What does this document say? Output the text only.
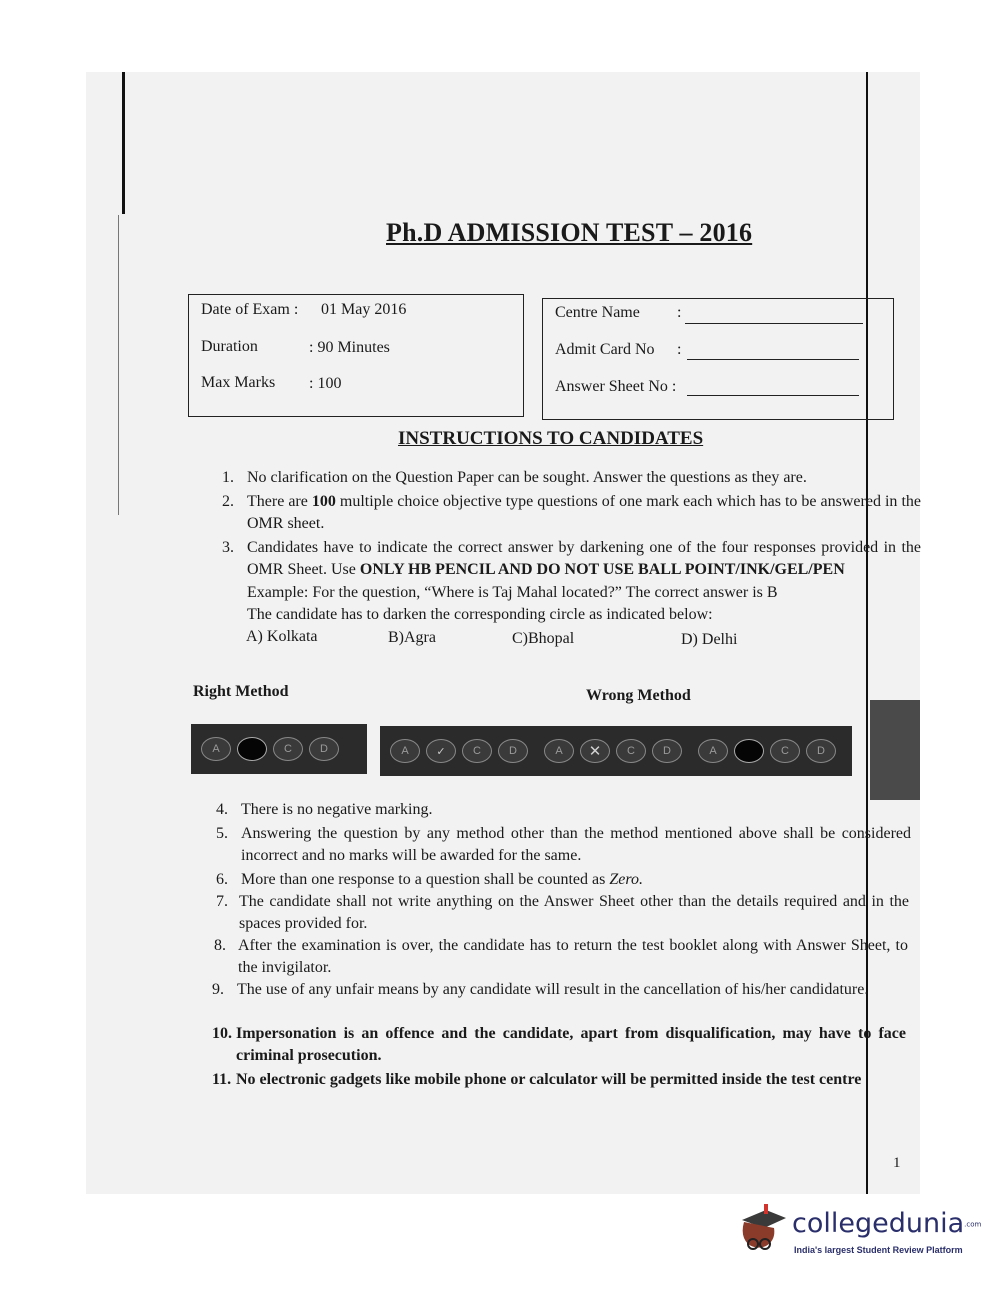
Ph.D ADMISSION TEST – 2016
Date of Exam : 01 May 2016
Duration	: 90 Minutes
Max Marks : 100
Centre Name :
Admit Card No :
Answer Sheet No :
INSTRUCTIONS TO CANDIDATES
1. No clarification on the Question Paper can be sought. Answer the questions as they are.
2. There are 100 multiple choice objective type questions of one mark each which has to be answered in the OMR sheet.
3. Candidates have to indicate the correct answer by darkening one of the four responses provided in the OMR Sheet. Use ONLY HB PENCIL AND DO NOT USE BALL POINT/INK/GEL/PEN
Example: For the question, “Where is Taj Mahal located?” The correct answer is B
The candidate has to darken the corresponding circle as indicated below:
A) Kolkata	B)Agra	C)Bhopal	D) Delhi
Right Method	Wrong Method
A	C	D	A	✓	C	D	A	✕	C	D	A	C	D
4. There is no negative marking.
5. Answering the question by any method other than the method mentioned above shall be considered incorrect and no marks will be awarded for the same.
6. More than one response to a question shall be counted as Zero.
7. The candidate shall not write anything on the Answer Sheet other than the details required and in the spaces provided for.
8. After the examination is over, the candidate has to return the test booklet along with Answer Sheet, to the invigilator.
9. The use of any unfair means by any candidate will result in the cancellation of his/her candidature.
10. Impersonation is an offence and the candidate, apart from disqualification, may have to face criminal prosecution.
11. No electronic gadgets like mobile phone or calculator will be permitted inside the test centre
1
collegedunia.com
India's largest Student Review Platform
